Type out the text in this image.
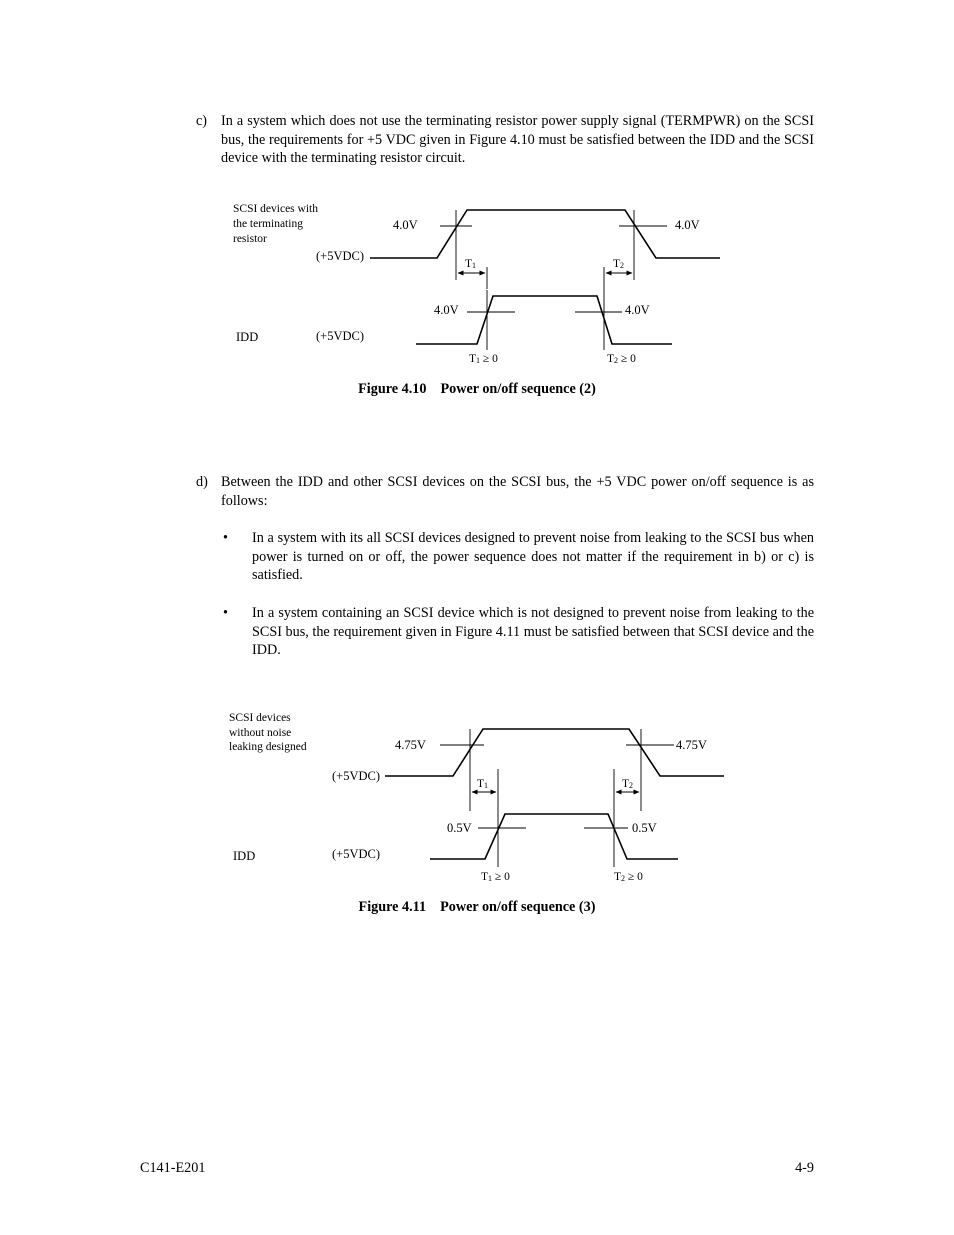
c) In a system which does not use the terminating resistor power supply signal (TERMPWR) on the SCSI bus, the requirements for +5 VDC given in Figure 4.10 must be satisfied between the IDD and the SCSI device with the terminating resistor circuit.
SCSI devices with
the terminating
resistor
(+5VDC)
(+5VDC)
IDD
4.0V	4.0V
4.0V	4.0V
T1	T2
T1 ≥ 0	T2 ≥ 0
Figure 4.10 Power on/off sequence (2)
d) Between the IDD and other SCSI devices on the SCSI bus, the +5 VDC power on/off sequence is as follows:
• In a system with its all SCSI devices designed to prevent noise from leaking to the SCSI bus when power is turned on or off, the power sequence does not matter if the requirement in b) or c) is satisfied.
• In a system containing an SCSI device which is not designed to prevent noise from leaking to the SCSI bus, the requirement given in Figure 4.11 must be satisfied between that SCSI device and the IDD.
SCSI devices
without noise
leaking designed
(+5VDC)
(+5VDC)
IDD
4.75V	4.75V
0.5V	0.5V
T1	T2
T1 ≥ 0	T2 ≥ 0
Figure 4.11 Power on/off sequence (3)
C141-E201	4-9
